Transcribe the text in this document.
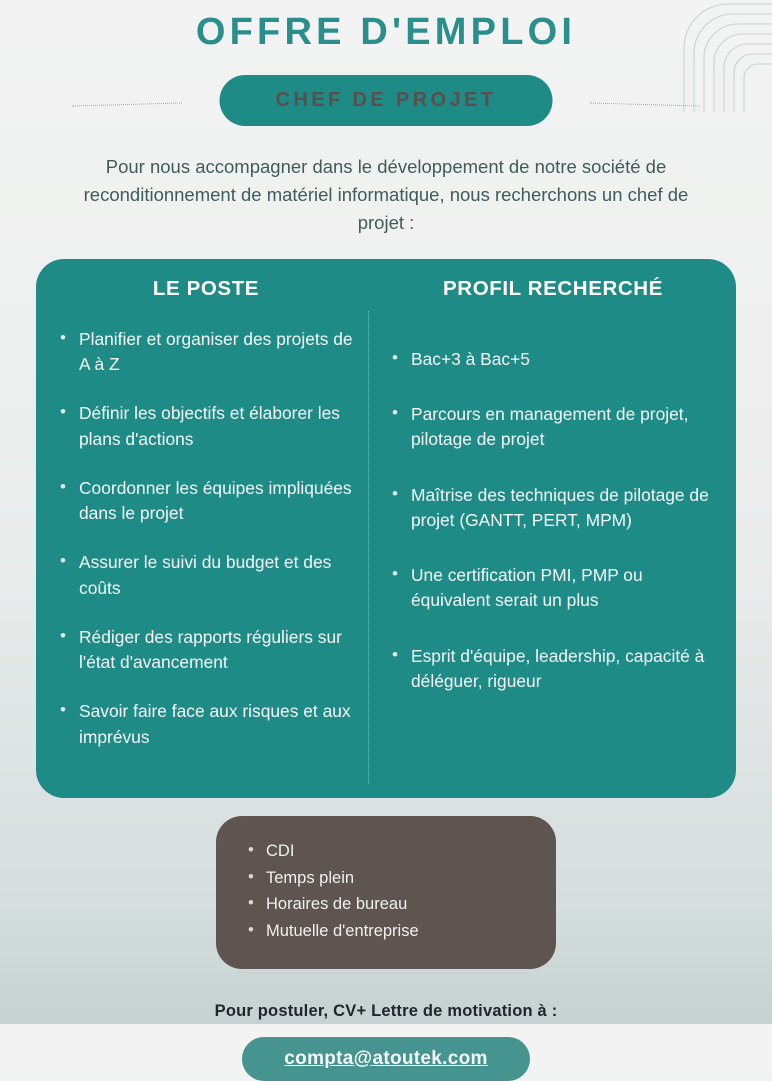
OFFRE D'EMPLOI
CHEF DE PROJET

Pour nous accompagner dans le développement de notre société de reconditionnement de matériel informatique, nous recherchons un chef de projet :

LE POSTE
• Planifier et organiser des projets de A à Z
• Définir les objectifs et élaborer les plans d'actions
• Coordonner les équipes impliquées dans le projet
• Assurer le suivi du budget et des coûts
• Rédiger des rapports réguliers sur l'état d'avancement
• Savoir faire face aux risques et aux imprévus
PROFIL RECHERCHÉ
• Bac+3 à Bac+5
• Parcours en management de projet, pilotage de projet
• Maîtrise des techniques de pilotage de projet (GANTT, PERT, MPM)
• Une certification PMI, PMP ou équivalent serait un plus
• Esprit d'équipe, leadership, capacité à déléguer, rigueur
• CDI
• Temps plein
• Horaires de bureau
• Mutuelle d'entreprise
Pour postuler, CV+ Lettre de motivation à :
compta@atoutek.com
